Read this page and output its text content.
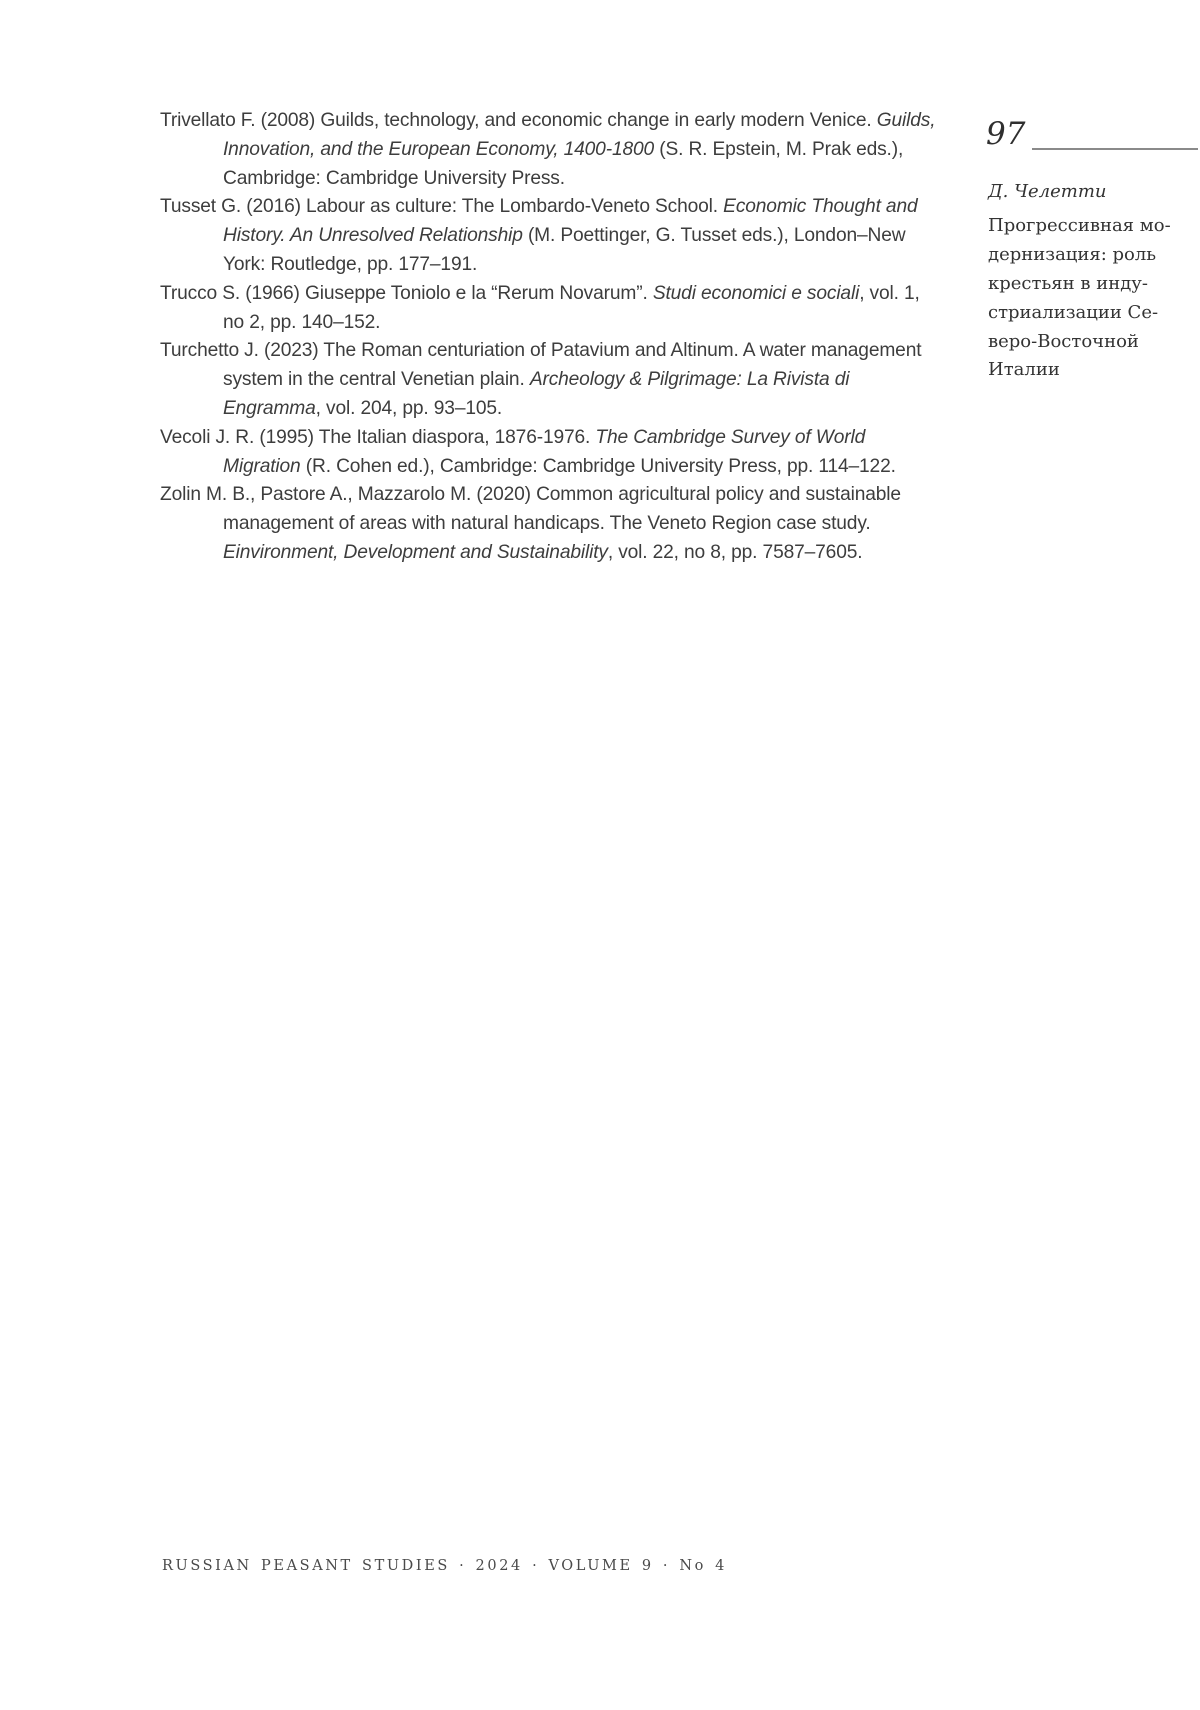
Trivellato F. (2008) Guilds, technology, and economic change in early modern Venice. Guilds, Innovation, and the European Economy, 1400-1800 (S. R. Epstein, M. Prak eds.), Cambridge: Cambridge University Press.

Tusset G. (2016) Labour as culture: The Lombardo-Veneto School. Economic Thought and History. An Unresolved Relationship (M. Poettinger, G. Tusset eds.), London–New York: Routledge, pp. 177–191.

Trucco S. (1966) Giuseppe Toniolo e la “Rerum Novarum”. Studi economici e sociali, vol. 1, no 2, pp. 140–152.

Turchetto J. (2023) The Roman centuriation of Patavium and Altinum. A water management system in the central Venetian plain. Archeology & Pilgrimage: La Rivista di Engramma, vol. 204, pp. 93–105.

Vecoli J. R. (1995) The Italian diaspora, 1876-1976. The Cambridge Survey of World Migration (R. Cohen ed.), Cambridge: Cambridge University Press, pp. 114–122.

Zolin M. B., Pastore A., Mazzarolo M. (2020) Common agricultural policy and sustainable management of areas with natural handicaps. The Veneto Region case study. Einvironment, Development and Sustainability, vol. 22, no 8, pp. 7587–7605.

97
Д. Челетти
Прогрессивная мо-
дернизация: роль
крестьян в инду-
стриализации Се-
веро-Восточной
Италии
RUSSIAN PEASANT STUDIES · 2024 · VOLUME 9 · No 4
